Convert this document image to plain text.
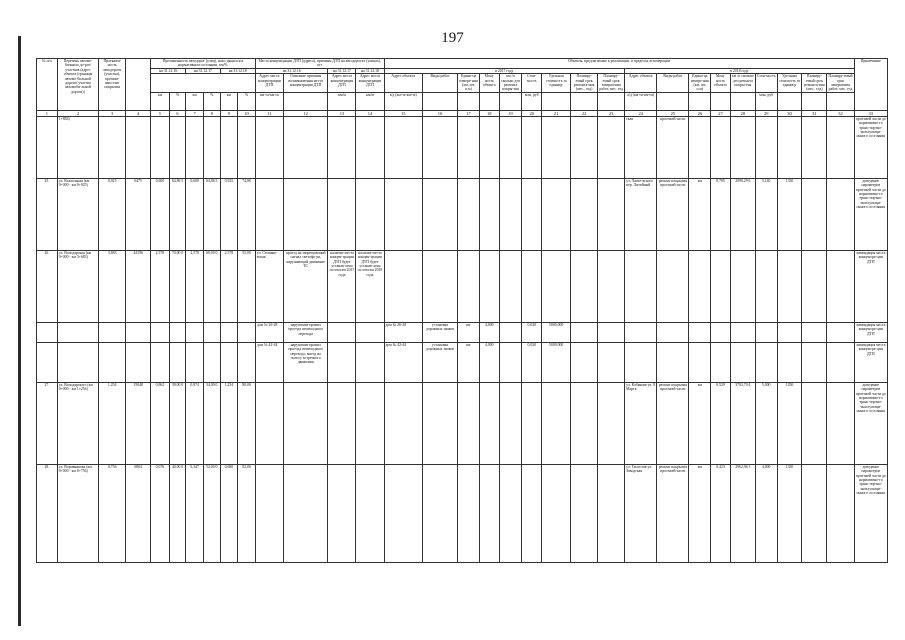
197
№ п/п	Перечень автомо-бильных до-рог/участков (адрес объекта (границы автомо-бильной дороги/ участка автомоби-льной дороги))	Протяжен-ность автодороги (участка), протяже-нностью покрытия		Протяженность автодорог (улиц), нахо-дящихся в нормативном состоянии, км/%						Места концентрации ДТП (адреса), причины ДТП на автодорогах (улицах), шт				Объекты, предлагаемые к реализации, в пределах агломерации																		Примечание
				на 31.12.16		на 31.12.17		на 31.12.18		на 31.12.16		на 31.12.17	на 31.12.18	в 2017 году									в 2018 году									
										Адрес места концентрации ДТП	Описание причины возникновения места концентрации ДТП	Адрес места концентрации ДТП	Адрес места концентрации ДТП	Адрес объекта	Виды работ	Едини-ца измере-ния (км, шт, п.м)	Мощ-ность объекта	км /п сколько дтп ремонта покры-тия	Стои-мость	Удельная стоимость за единицу	Планиру-емый срок ремонта-ния (мес., год)	Планиру-емый срок завершения работ, мес. год	Адрес объекта	Виды работ	Едини-ца измере-ния (км, шт, п.м)	Мощ-ность объекта	км /п сколько дтп ремонта покры-тия	Стои-мость	Удельная стоимость за единицу	Планиру-емый срок ремонта-ния (мес., год)	Планиру-емый срок завершения работ, мес. год	
				км	%	км	%	км	%	км+м-км+м		км/м	км/м	а/д (км+м-км+м)					млн. руб				а/д (км+м-км+м)					млн. руб				
1	2	3	4	5	6	7	8	9	10	11	12	13	14	15	16	17	18	19	20	21	22	23	24	25	26	27	28	29	30	31	32	33
	1+884)																						ская	проезжей части								проезжей части до нормативно-го транс-портно-эксплуатаци-онного состояния
25.	ул. Вокзальная (км 0+000 - км 0+925)	0,925	6475	0,600	64,86 5	0,600	64,86 5	0,925	74,86														ул. Лапте-вского пер. Литейный	ремонт покрытия проезжей части	км	0,785	2090,29 6	3,140	1350			доведение параметров проезжей части до нормативно-го транс-портно-эксплуатаци-онного состояния
26.	ул. Володарская (км 0+000 - км 3+683)	3,683	44196	2,578	70,00 0	2,578	60,00 0	2,578	55,00	ул. Стомано-вская	проезд на запрещающий сигнал светофо-ра, нарушающий движение ТС	наличие места концен-трации ДТП будет устанав-лено по итогам 2017 года	наличие места концен-трации ДТП будет устанав-лено по итогам 2018 года																			ликвидация места концентра-ции ДТП
										дом № 26-28	нарушение правил проезда пешеходного перехода			дом № 26-28	установка дорожных знаков	шт.	4,000		0,020	5000,000												ликвидация места концентра-ции ДТП
										дом № 42-44	нарушение правил проезда пешеходного перехода, выезд на полосу встречного движения			дом № 42-44	установка дорожных знаков	шт.	4,000		0,020	5000,000												ликвидация места концентра-ции ДТП
27.	ул. Володарского (км 0+000 - км 1+254)	1,254	15048	0,862	39,00 0	0,974	34,00 0	1,254	80,00														ул. Кобякова-ул. 8 Марта	ремонт покрытия проезжей части	км	0,529	3703,70 4	5,000	1350			доведение параметров проезжей части до нормативно-го транс-портно-эксплуатаци-онного состояния
28.	ул. Воровникова (км 0+000 - км 0+756)	0,756	6804	0,076	40,00 0	0,347	52,00 0	0,680	82,00														ул. Гаспелов-ул. Заводская	ремонт покрытия проезжей части	км	0,423	2962,96 3	4,000	1350			доведение параметров проезжей части до нормативно-го транс-портно-эксплуатаци-онного состояния
